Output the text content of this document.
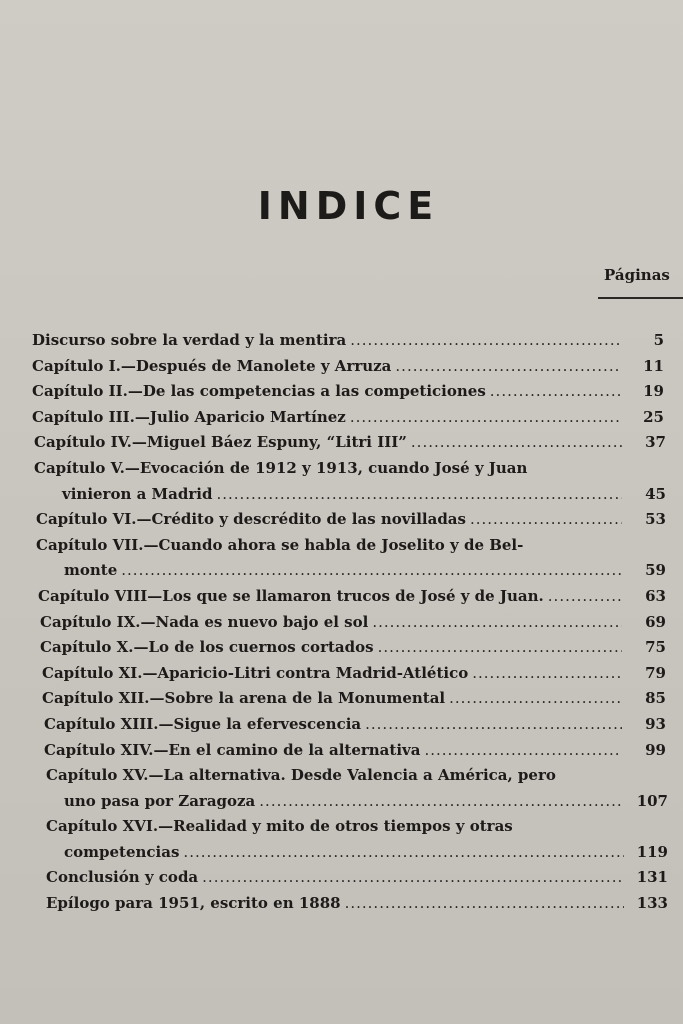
INDICE
Páginas
Discurso sobre la verdad y la mentira .....	5
Capítulo I.—Después de Manolete y Arruza .....	11
Capítulo II.—De las competencias a las competiciones .....	19
Capítulo III.—Julio Aparicio Martínez .....	25
Capítulo IV.—Miguel Báez Espuny, “Litri III” .....	37
Capítulo V.—Evocación de 1912 y 1913, cuando José y Juan
vinieron a Madrid .....	45
Capítulo VI.—Crédito y descrédito de las novilladas .....	53
Capítulo VII.—Cuando ahora se habla de Joselito y de Bel-
monte .....	59
Capítulo VIII—Los que se llamaron trucos de José y de Juan. .....	63
Capítulo IX.—Nada es nuevo bajo el sol .....	69
Capítulo X.—Lo de los cuernos cortados .....	75
Capítulo XI.—Aparicio-Litri contra Madrid-Atlético .....	79
Capítulo XII.—Sobre la arena de la Monumental .....	85
Capítulo XIII.—Sigue la efervescencia .....	93
Capítulo XIV.—En el camino de la alternativa .....	99
Capítulo XV.—La alternativa. Desde Valencia a América, pero
uno pasa por Zaragoza .....	107
Capítulo XVI.—Realidad y mito de otros tiempos y otras
competencias .....	119
Conclusión y coda .....	131
Epílogo para 1951, escrito en 1888 .....	133
